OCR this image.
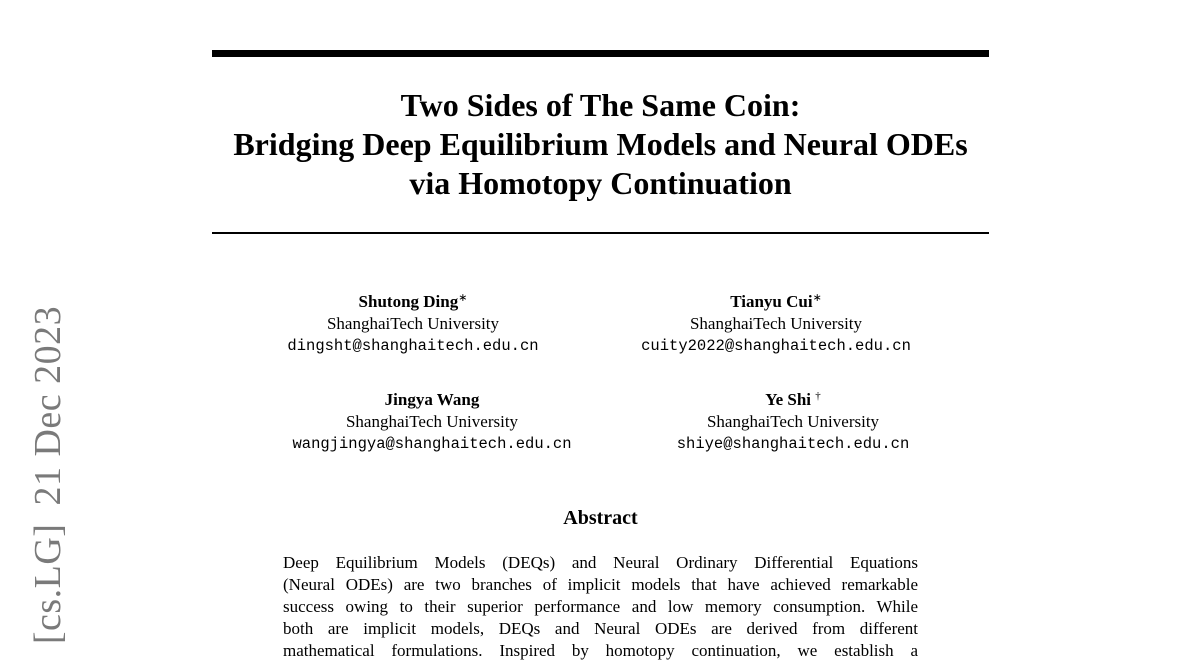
[cs.LG]21 Dec 2023
Two Sides of The Same Coin:
Bridging Deep Equilibrium Models and Neural ODEs
via Homotopy Continuation
Shutong Ding∗
ShanghaiTech University
dingsht@shanghaitech.edu.cn
Tianyu Cui∗
ShanghaiTech University
cuity2022@shanghaitech.edu.cn
Jingya Wang
ShanghaiTech University
wangjingya@shanghaitech.edu.cn
Ye Shi †
ShanghaiTech University
shiye@shanghaitech.edu.cn
Abstract
Deep Equilibrium Models (DEQs) and Neural Ordinary Differential Equations
(Neural ODEs) are two branches of implicit models that have achieved remarkable
success owing to their superior performance and low memory consumption. While
both are implicit models, DEQs and Neural ODEs are derived from different
mathematical formulations. Inspired by homotopy continuation, we establish a
